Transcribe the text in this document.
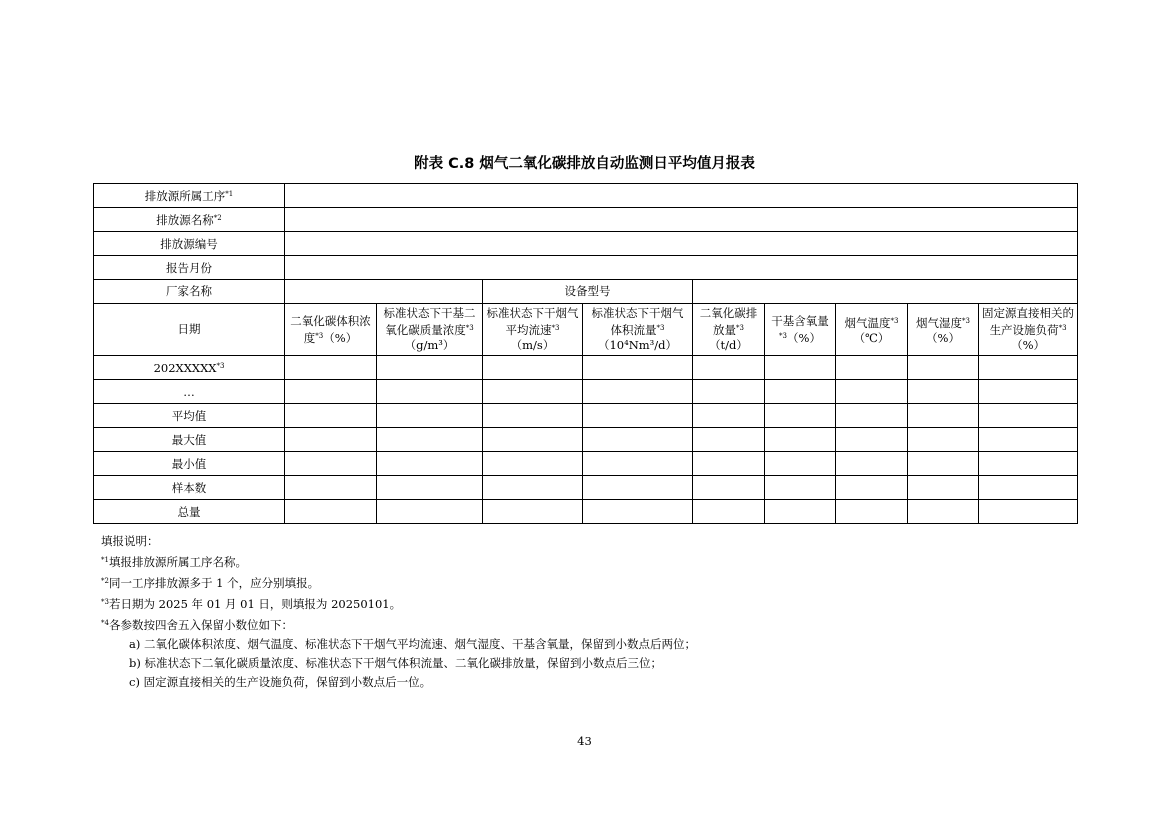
附表 C.8 烟气二氧化碳排放自动监测日平均值月报表
排放源所属工序$^{*1}$	
排放源名称$^{*2}$	
排放源编号									
报告月份									
厂家名称			设备型号						
日期	二氧化碳体积浓度$^{*3}$（%）	标准状态下干基二氧化碳质量浓度$^{*3}$（g/m³）	标准状态下干烟气平均流速$^{*3}$（m/s）	标准状态下干烟气体积流量$^{*3}$（10⁴Nm³/d）	二氧化碳排放量$^{*3}$（t/d）	干基含氧量$^{*3}$（%）	烟气温度$^{*3}$（℃）	烟气湿度$^{*3}$（%）	固定源直接相关的生产设施负荷$^{*3}$（%）
202XXXXX$^{*3}$									
…									
平均值									
最大值									
最小值									
样本数									
总量									
填报说明：
$^{*1}$填报排放源所属工序名称。
$^{*2}$同一工序排放源多于 1 个，应分别填报。
$^{*3}$若日期为 2025 年 01 月 01 日，则填报为 20250101。
$^{*4}$各参数按四舍五入保留小数位如下：
a) 二氧化碳体积浓度、烟气温度、标准状态下干烟气平均流速、烟气湿度、干基含氧量，保留到小数点后两位；
b) 标准状态下二氧化碳质量浓度、标准状态下干烟气体积流量、二氧化碳排放量，保留到小数点后三位；
c) 固定源直接相关的生产设施负荷，保留到小数点后一位。
43
